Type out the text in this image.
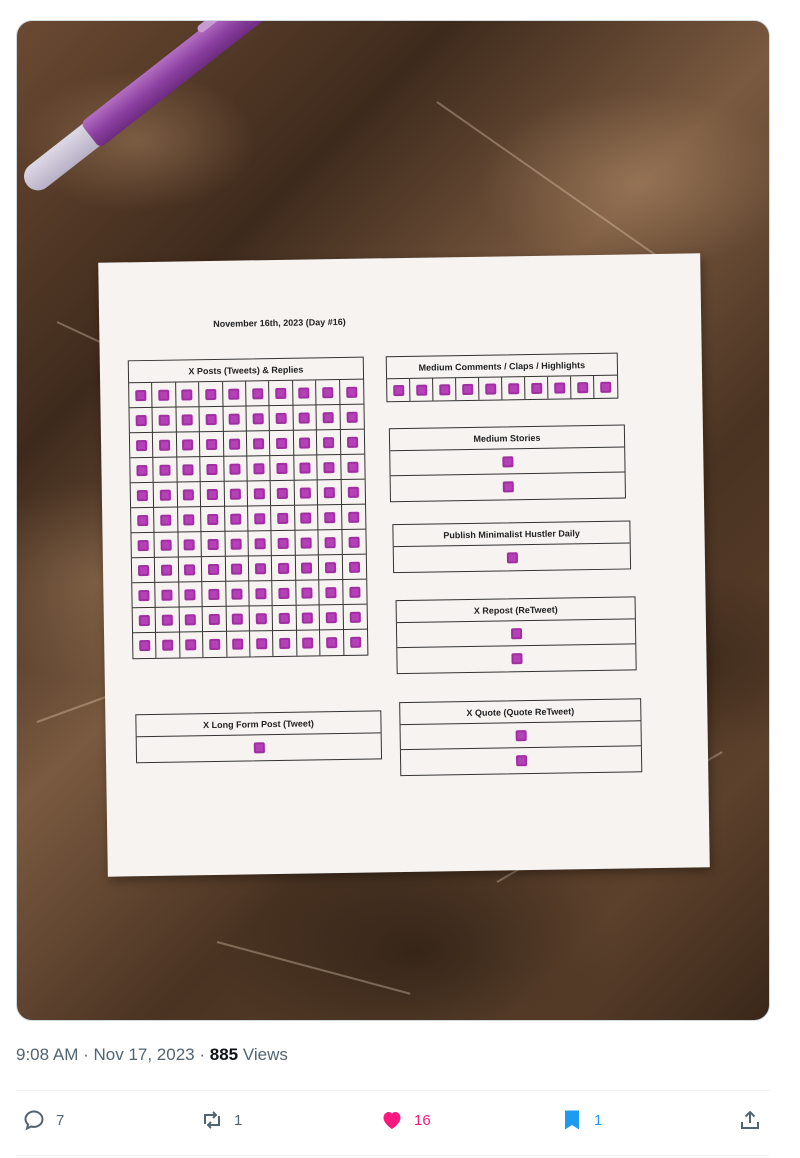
November 16th, 2023 (Day #16)
X Posts (Tweets) & Replies	Medium Comments / Claps / Highlights
Medium Stories
Publish Minimalist Hustler Daily
X Repost (ReTweet)
X Long Form Post (Tweet)
X Quote (Quote ReTweet)
9:08 AM · Nov 17, 2023 · 885 Views
7	1	16	1
